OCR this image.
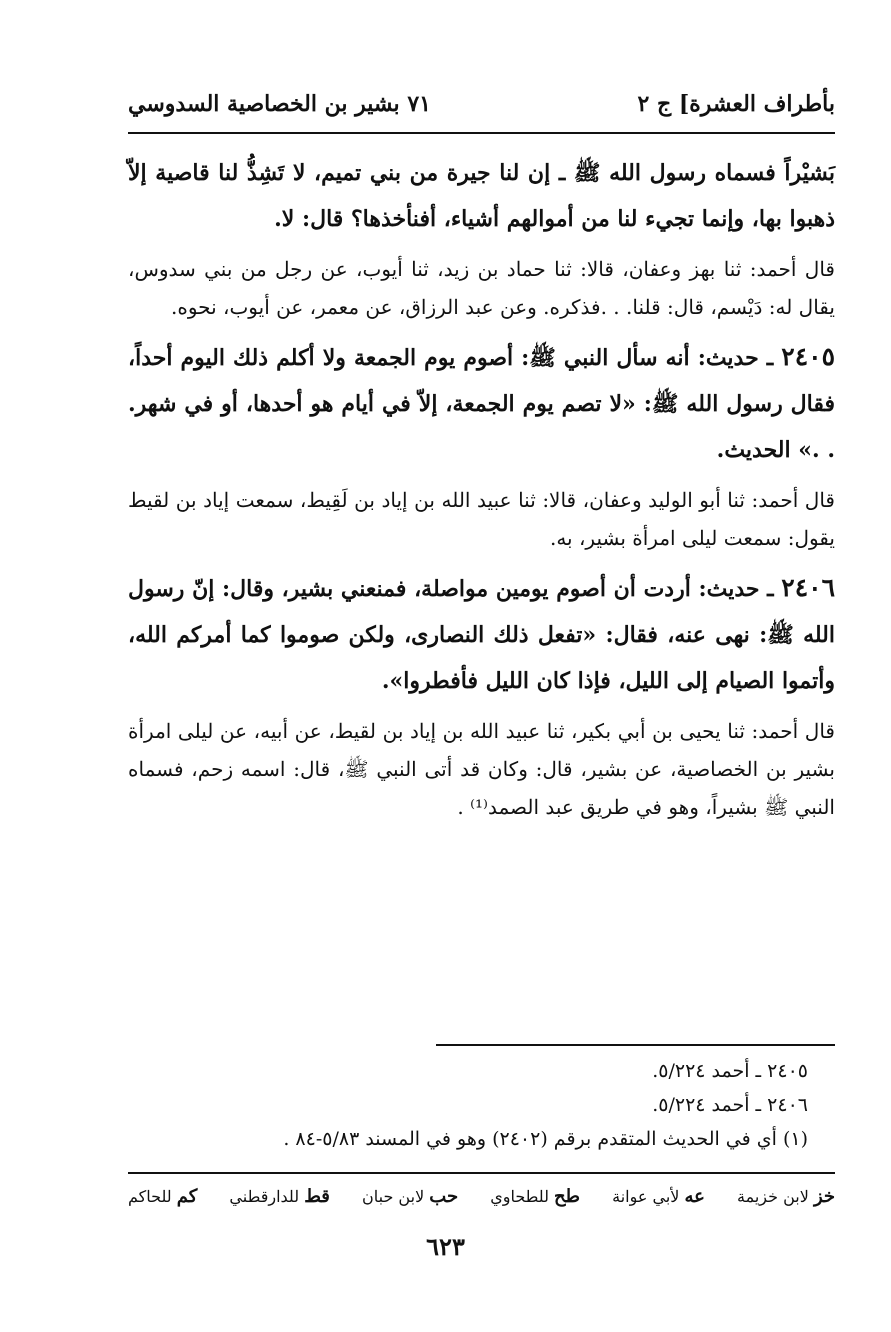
بأطراف العشرة] ج ٢
٧١ بشير بن الخصاصية السدوسي

بَشيْراً فسماه رسول الله ﷺ ـ إن لنا جيرة من بني تميم، لا تَشِذُّ لنا قاصية إلاّ ذهبوا بها، وإنما تجيء لنا من أموالهم أشياء، أفنأخذها؟ قال: لا.

قال أحمد: ثنا بهز وعفان، قالا: ثنا حماد بن زيد، ثنا أيوب، عن رجل من بني سدوس، يقال له: دَيْسم، قال: قلنا. . .فذكره. وعن عبد الرزاق، عن معمر، عن أيوب، نحوه.

٢٤٠٥ ـ حديث: أنه سأل النبي ﷺ: أصوم يوم الجمعة ولا أكلم ذلك اليوم أحداً، فقال رسول الله ﷺ: «لا تصم يوم الجمعة، إلاّ في أيام هو أحدها، أو في شهر. . .» الحديث.

قال أحمد: ثنا أبو الوليد وعفان، قالا: ثنا عبيد الله بن إياد بن لَقِيط، سمعت إياد بن لقيط يقول: سمعت ليلى امرأة بشير، به.

٢٤٠٦ ـ حديث: أردت أن أصوم يومين مواصلة، فمنعني بشير، وقال: إنّ رسول الله ﷺ: نهى عنه، فقال: «تفعل ذلك النصارى، ولكن صوموا كما أمركم الله، وأتموا الصيام إلى الليل، فإذا كان الليل فأفطروا».

قال أحمد: ثنا يحيى بن أبي بكير، ثنا عبيد الله بن إياد بن لقيط، عن أبيه، عن ليلى امرأة بشير بن الخصاصية، عن بشير، قال: وكان قد أتى النبي ﷺ، قال: اسمه زحم، فسماه النبي ﷺ بشيراً، وهو في طريق عبد الصمد⁽¹⁾ .

٢٤٠٥ ـ أحمد ٥/٢٢٤.

٢٤٠٦ ـ أحمد ٥/٢٢٤.

(١) أي في الحديث المتقدم برقم (٢٤٠٢) وهو في المسند ٥/٨٣-٨٤ .

خز لابن خزيمة
عه لأبي عوانة
طح للطحاوي
حب لابن حبان
قط للدارقطني
كم للحاكم
٦٢٣
